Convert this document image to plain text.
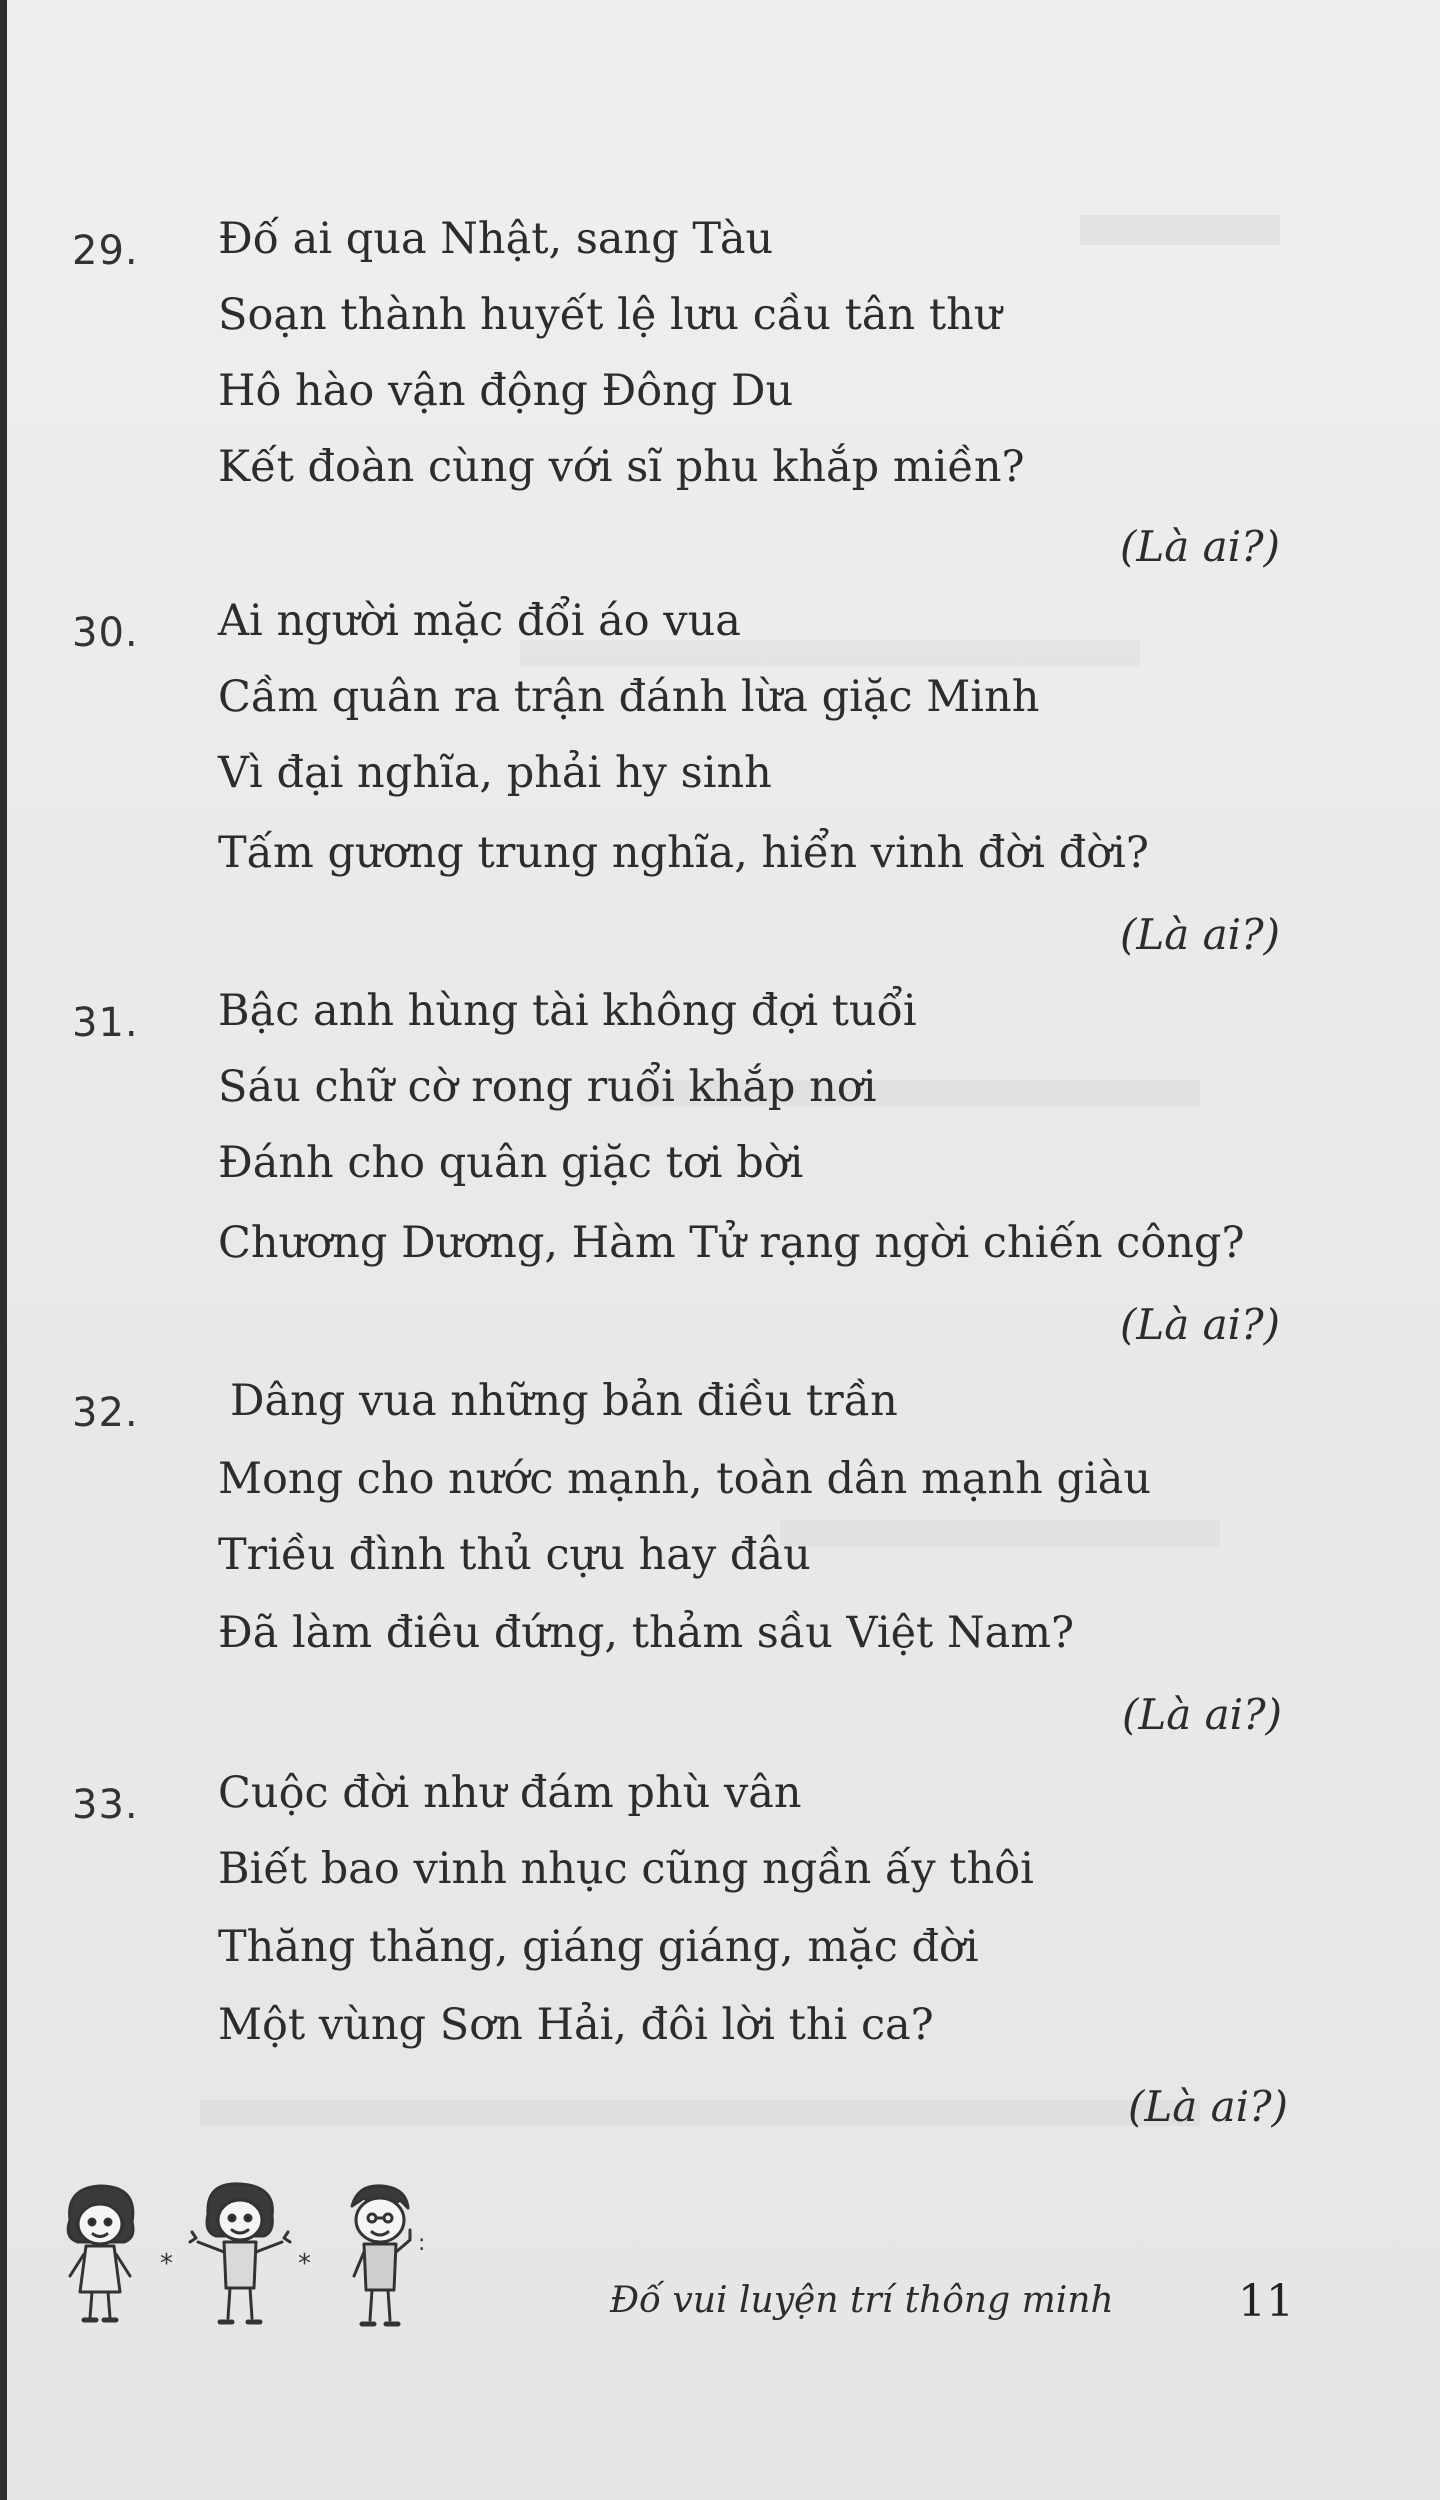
29. Đố ai qua Nhật, sang Tàu
Soạn thành huyết lệ lưu cầu tân thư
Hô hào vận động Đông Du
Kết đoàn cùng với sĩ phu khắp miền?
(Là ai?)
30. Ai người mặc đổi áo vua
Cầm quân ra trận đánh lừa giặc Minh
Vì đại nghĩa, phải hy sinh
Tấm gương trung nghĩa, hiển vinh đời đời?
(Là ai?)
31. Bậc anh hùng tài không đợi tuổi
Sáu chữ cờ rong ruổi khắp nơi
Đánh cho quân giặc tơi bời
Chương Dương, Hàm Tử rạng ngời chiến công?
(Là ai?)
32. Dâng vua những bản điều trần
Mong cho nước mạnh, toàn dân mạnh giàu
Triều đình thủ cựu hay đâu
Đã làm điêu đứng, thảm sầu Việt Nam?
(Là ai?)
33. Cuộc đời như đám phù vân
Biết bao vinh nhục cũng ngần ấy thôi
Thăng thăng, giáng giáng, mặc đời
Một vùng Sơn Hải, đôi lời thi ca?
(Là ai?)
*	*
:
Đố vui luyện trí thông minh	11
